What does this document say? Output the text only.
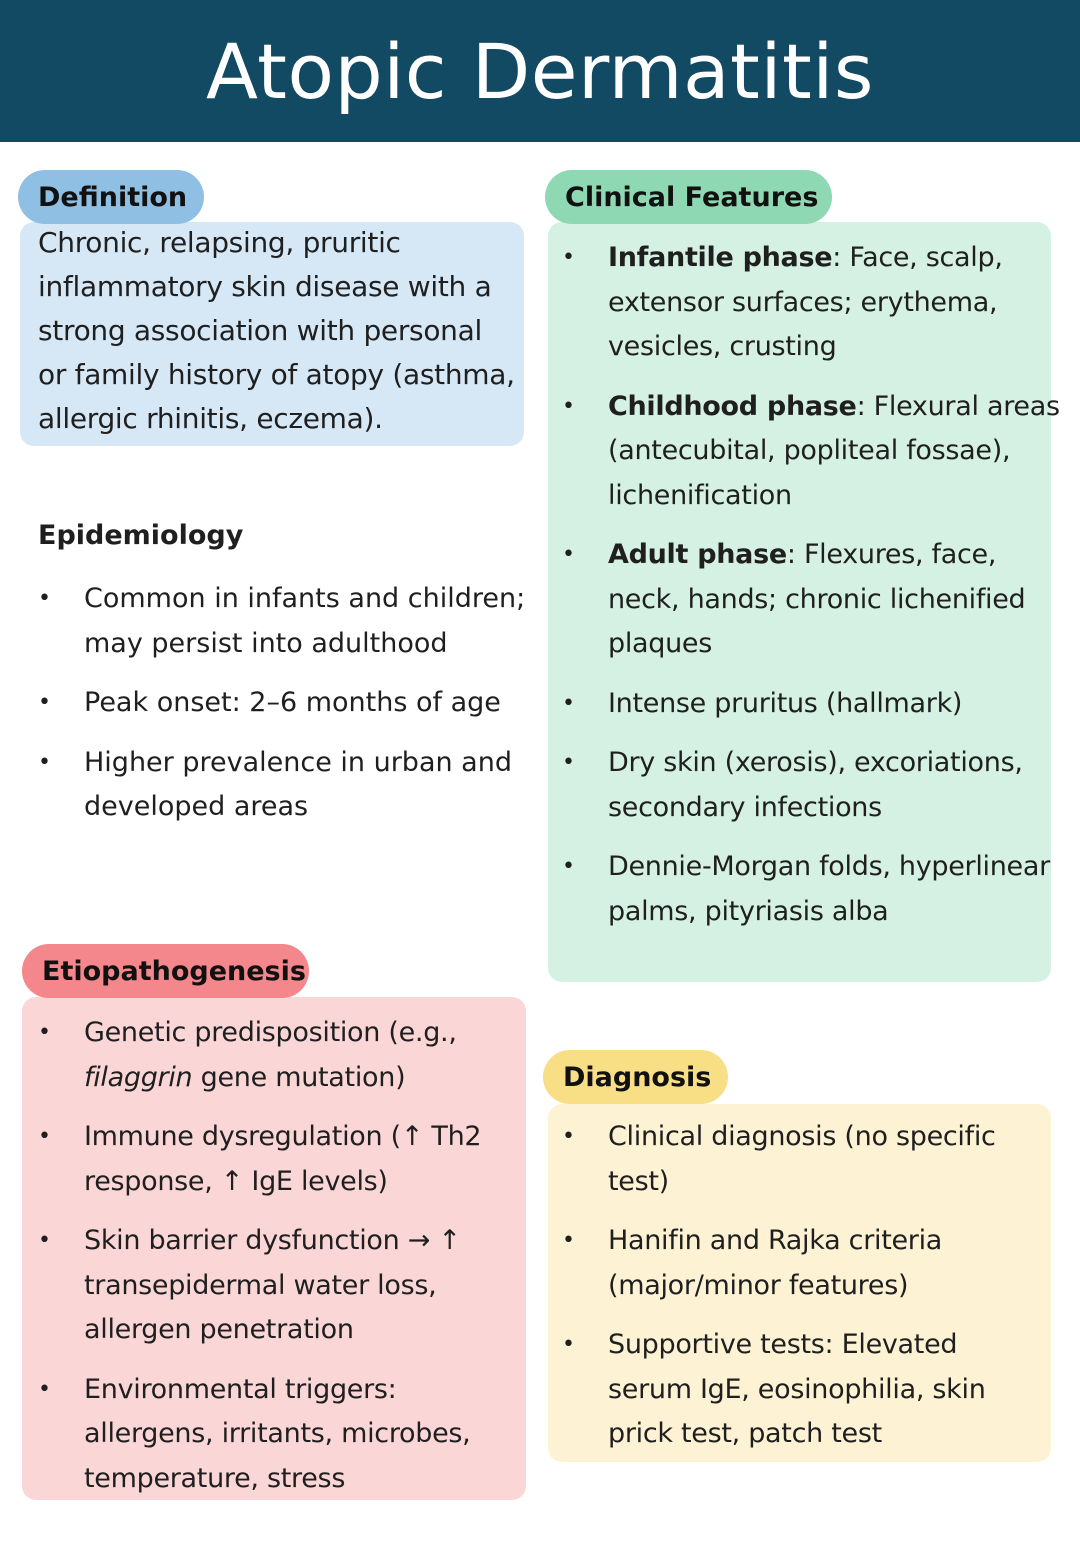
Atopic Dermatitis

Chronic, relapsing, pruritic inflammatory skin disease with a strong association with personal or family history of atopy (asthma, allergic rhinitis, eczema).

Definition
Epidemiology
• Common in infants and children; may persist into adulthood
• Peak onset: 2–6 months of age
• Higher prevalence in urban and developed areas
Etiopathogenesis
• Genetic predisposition (e.g., filaggrin gene mutation)
• Immune dysregulation (↑ Th2 response, ↑ IgE levels)
• Skin barrier dysfunction → ↑ transepidermal water loss, allergen penetration
• Environmental triggers: allergens, irritants, microbes, temperature, stress
Clinical Features
• Infantile phase: Face, scalp, extensor surfaces; erythema, vesicles, crusting
• Childhood phase: Flexural areas (antecubital, popliteal fossae), lichenification
• Adult phase: Flexures, face, neck, hands; chronic lichenified plaques
• Intense pruritus (hallmark)
• Dry skin (xerosis), excoriations, secondary infections
• Dennie-Morgan folds, hyperlinear palms, pityriasis alba
Diagnosis
• Clinical diagnosis (no specific test)
• Hanifin and Rajka criteria (major/minor features)
• Supportive tests: Elevated serum IgE, eosinophilia, skin prick test, patch test
